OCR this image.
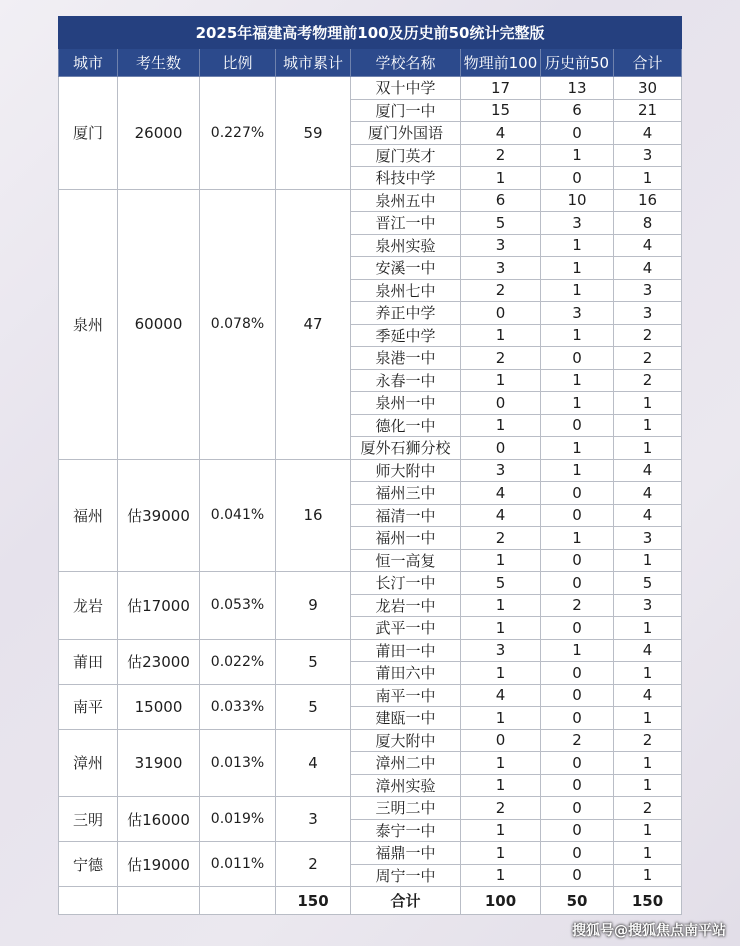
2025年福建高考物理前100及历史前50统计完整版							
城市	考生数	比例	城市累计	学校名称	物理前100	历史前50	合计
厦门	26000	0.227%	59	双十中学	17	13	30
				厦门一中	15	6	21
				厦门外国语	4	0	4
				厦门英才	2	1	3
				科技中学	1	0	1
泉州	60000	0.078%	47	泉州五中	6	10	16
				晋江一中	5	3	8
				泉州实验	3	1	4
				安溪一中	3	1	4
				泉州七中	2	1	3
				养正中学	0	3	3
				季延中学	1	1	2
				泉港一中	2	0	2
				永春一中	1	1	2
				泉州一中	0	1	1
				德化一中	1	0	1
				厦外石狮分校	0	1	1
福州	估39000	0.041%	16	师大附中	3	1	4
				福州三中	4	0	4
				福清一中	4	0	4
				福州一中	2	1	3
				恒一高复	1	0	1
龙岩	估17000	0.053%	9	长汀一中	5	0	5
				龙岩一中	1	2	3
				武平一中	1	0	1
莆田	估23000	0.022%	5	莆田一中	3	1	4
				莆田六中	1	0	1
南平	15000	0.033%	5	南平一中	4	0	4
				建瓯一中	1	0	1
漳州	31900	0.013%	4	厦大附中	0	2	2
				漳州二中	1	0	1
				漳州实验	1	0	1
三明	估16000	0.019%	3	三明二中	2	0	2
				泰宁一中	1	0	1
宁德	估19000	0.011%	2	福鼎一中	1	0	1
				周宁一中	1	0	1
			150	合计	100	50	150
搜狐号@搜狐焦点南平站
